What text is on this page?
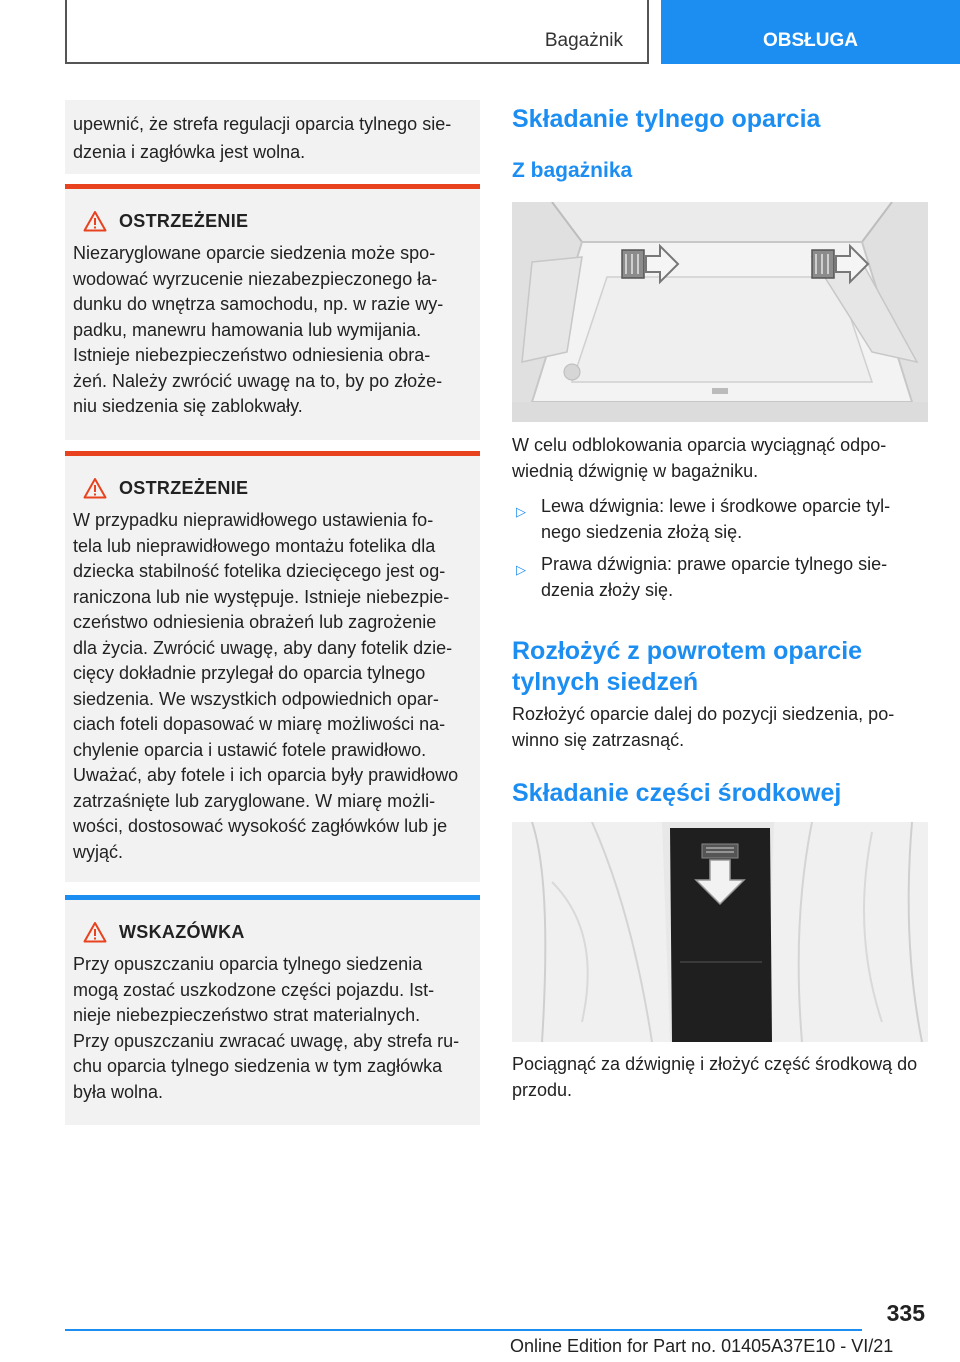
Bagażnik	OBSŁUGA
upewnić, że strefa regulacji oparcia tylnego sie-dzenia i zagłówka jest wolna.
OSTRZEŻENIE
Niezaryglowane oparcie siedzenia może spo-
wodować wyrzucenie niezabezpieczonego ła-
dunku do wnętrza samochodu, np. w razie wy-
padku, manewru hamowania lub wymijania.
Istnieje niebezpieczeństwo odniesienia obra-
żeń. Należy zwrócić uwagę na to, by po złoże-
niu siedzenia się zablokwały.
OSTRZEŻENIE
W przypadku nieprawidłowego ustawienia fo-
tela lub nieprawidłowego montażu fotelika dla
dziecka stabilność fotelika dziecięcego jest og-
raniczona lub nie występuje. Istnieje niebezpie-
czeństwo odniesienia obrażeń lub zagrożenie
dla życia. Zwrócić uwagę, aby dany fotelik dzie-
cięcy dokładnie przylegał do oparcia tylnego
siedzenia. We wszystkich odpowiednich opar-
ciach foteli dopasować w miarę możliwości na-
chylenie oparcia i ustawić fotele prawidłowo.
Uważać, aby fotele i ich oparcia były prawidłowo
zatrzaśnięte lub zaryglowane. W miarę możli-
wości, dostosować wysokość zagłówków lub je
wyjąć.
WSKAZÓWKA
Przy opuszczaniu oparcia tylnego siedzenia
mogą zostać uszkodzone części pojazdu. Ist-
nieje niebezpieczeństwo strat materialnych.
Przy opuszczaniu zwracać uwagę, aby strefa ru-
chu oparcia tylnego siedzenia w tym zagłówka
była wolna.
Składanie tylnego oparcia
Z bagażnika
W celu odblokowania oparcia wyciągnąć odpo-wiednią dźwignię w bagażniku.
▷ Lewa dźwignia: lewe i środkowe oparcie tyl-nego siedzenia złożą się.
▷ Prawa dźwignia: prawe oparcie tylnego sie-dzenia złoży się.
Rozłożyć z powrotem oparcie tylnych siedzeń
Rozłożyć oparcie dalej do pozycji siedzenia, po-winno się zatrzasnąć.
Składanie części środkowej
Pociągnąć za dźwignię i złożyć część środkową do przodu.
335
Online Edition for Part no. 01405A37E10 - VI/21
